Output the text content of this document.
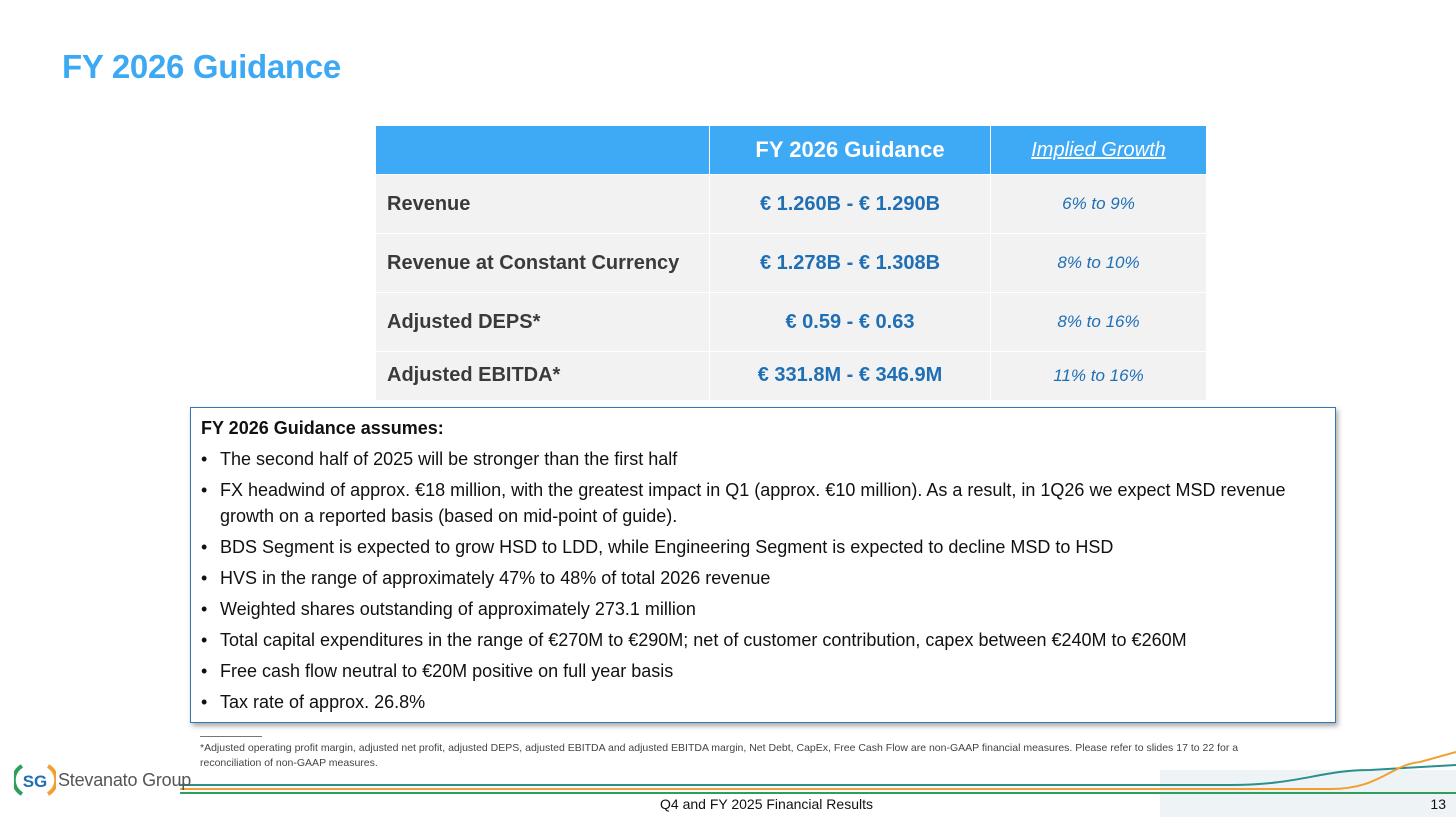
FY 2026 Guidance
	FY 2026 Guidance	Implied Growth
Revenue	€ 1.260B - € 1.290B	6% to 9%
Revenue at Constant Currency	€ 1.278B - € 1.308B	8% to 10%
Adjusted DEPS*	€ 0.59 - € 0.63	8% to 16%
Adjusted EBITDA*	€ 331.8M - € 346.9M	11% to 16%
FY 2026 Guidance assumes:
• The second half of 2025 will be stronger than the first half
• FX headwind of approx. €18 million, with the greatest impact in Q1 (approx. €10 million). As a result, in 1Q26 we expect MSD revenue growth on a reported basis (based on mid-point of guide).
• BDS Segment is expected to grow HSD to LDD, while Engineering Segment is expected to decline MSD to HSD
• HVS in the range of approximately 47% to 48% of total 2026 revenue
• Weighted shares outstanding of approximately 273.1 million
• Total capital expenditures in the range of €270M to €290M; net of customer contribution, capex between €240M to €260M
• Free cash flow neutral to €20M positive on full year basis
• Tax rate of approx. 26.8%
*Adjusted operating profit margin, adjusted net profit, adjusted DEPS, adjusted EBITDA and adjusted EBITDA margin, Net Debt, CapEx, Free Cash Flow are non-GAAP financial measures. Please refer to slides 17 to 22 for a reconciliation of non-GAAP measures.
SG Stevanato Group
Q4 and FY 2025 Financial Results	13
